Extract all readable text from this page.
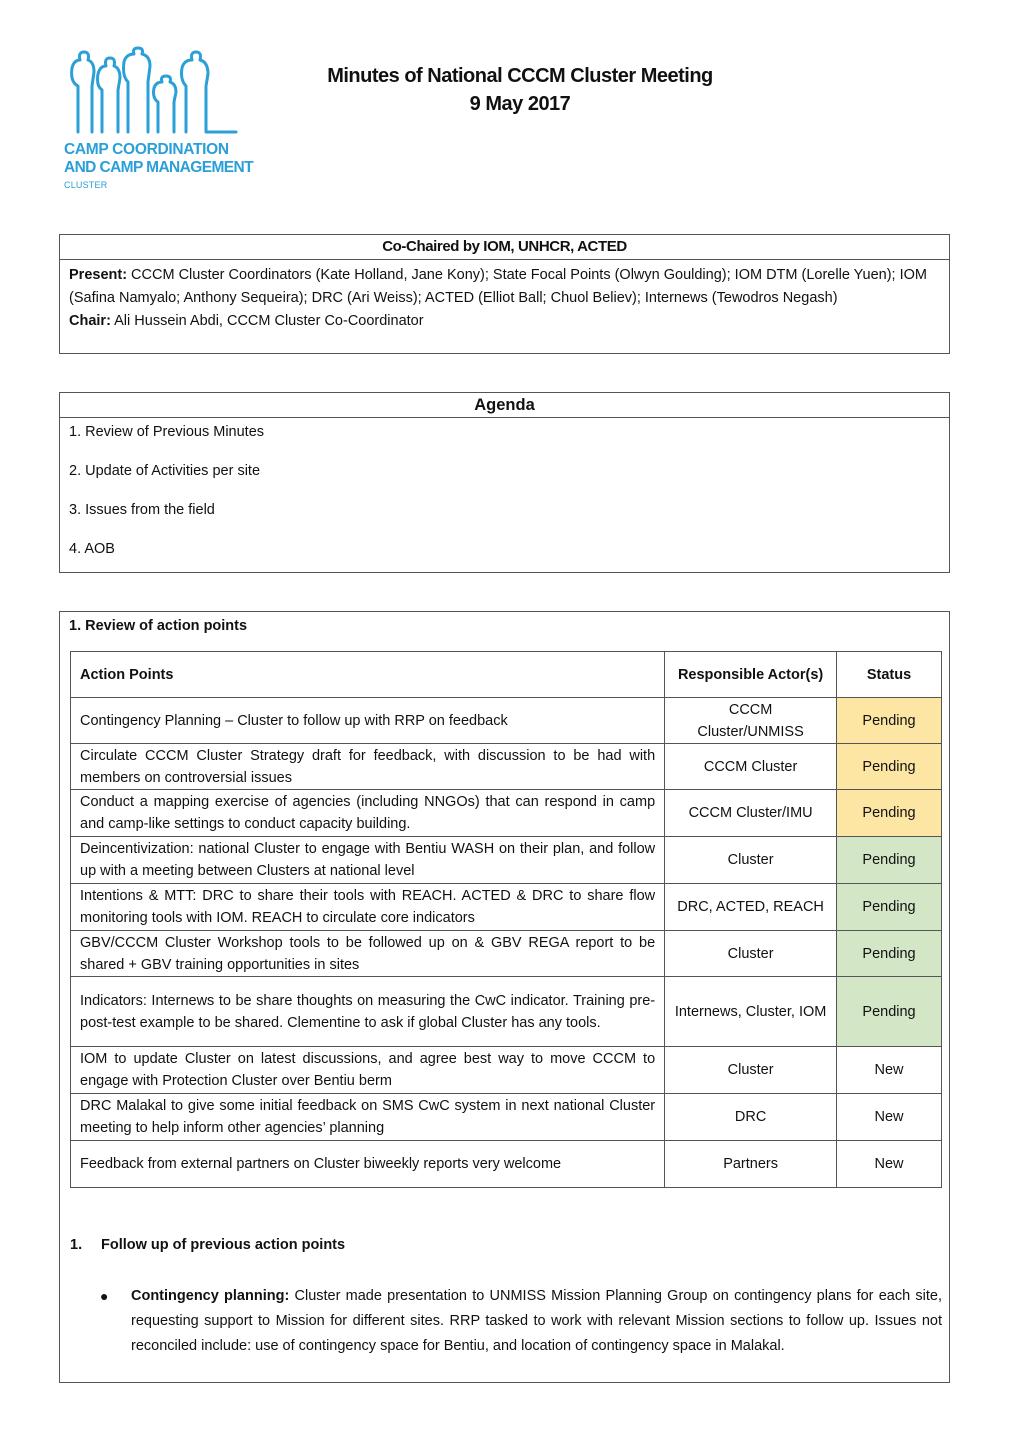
CAMP COORDINATION
AND CAMP MANAGEMENT
CLUSTER
Minutes of National CCCM Cluster Meeting
9 May 2017
Co-Chaired by IOM, UNHCR, ACTED
Present: CCCM Cluster Coordinators (Kate Holland, Jane Kony); State Focal Points (Olwyn Goulding); IOM DTM (Lorelle Yuen); IOM (Safina Namyalo; Anthony Sequeira); DRC (Ari Weiss); ACTED (Elliot Ball; Chuol Believ); Internews (Tewodros Negash)
Chair: Ali Hussein Abdi, CCCM Cluster Co-Coordinator
Agenda
1. Review of Previous Minutes
2. Update of Activities per site
3. Issues from the field
4. AOB
1. Review of action points
Action Points	Responsible Actor(s)	Status
Contingency Planning – Cluster to follow up with RRP on feedback	CCCM Cluster/UNMISS	Pending
Circulate CCCM Cluster Strategy draft for feedback, with discussion to be had with members on controversial issues	CCCM Cluster	Pending
Conduct a mapping exercise of agencies (including NNGOs) that can respond in camp and camp-like settings to conduct capacity building.	CCCM Cluster/IMU	Pending
Deincentivization: national Cluster to engage with Bentiu WASH on their plan, and follow up with a meeting between Clusters at national level	Cluster	Pending
Intentions & MTT: DRC to share their tools with REACH. ACTED & DRC to share flow monitoring tools with IOM. REACH to circulate core indicators	DRC, ACTED, REACH	Pending
GBV/CCCM Cluster Workshop tools to be followed up on & GBV REGA report to be shared + GBV training opportunities in sites	Cluster	Pending
Indicators: Internews to be share thoughts on measuring the CwC indicator. Training pre- post-test example to be shared. Clementine to ask if global Cluster has any tools.	Internews, Cluster, IOM	Pending
IOM to update Cluster on latest discussions, and agree best way to move CCCM to engage with Protection Cluster over Bentiu berm	Cluster	New
DRC Malakal to give some initial feedback on SMS CwC system in next national Cluster meeting to help inform other agencies’ planning	DRC	New
Feedback from external partners on Cluster biweekly reports very welcome	Partners	New
1. Follow up of previous action points
●	Contingency planning: Cluster made presentation to UNMISS Mission Planning Group on contingency plans for each site, requesting support to Mission for different sites. RRP tasked to work with relevant Mission sections to follow up. Issues not reconciled include: use of contingency space for Bentiu, and location of contingency space in Malakal.
